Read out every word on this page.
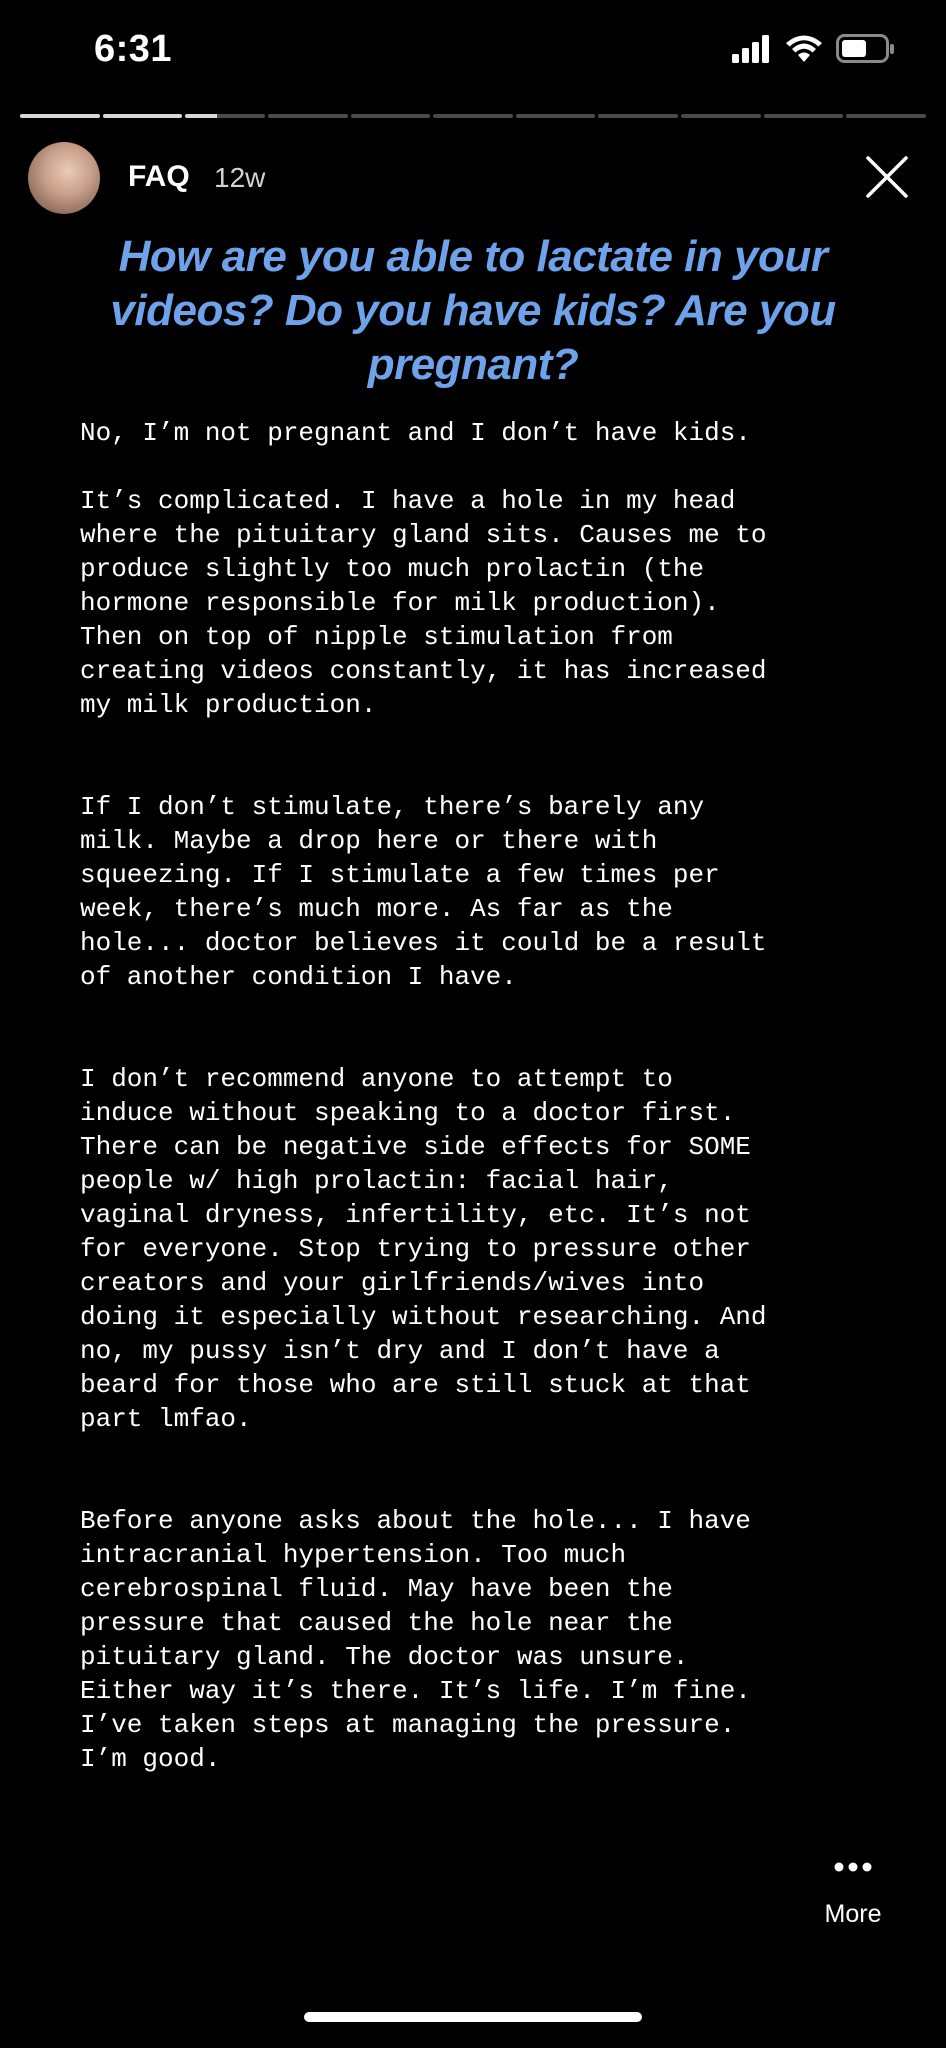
6:31
FAQ 12w
How are you able to lactate in your videos? Do you have kids? Are you pregnant?

No, I’m not pregnant and I don’t have kids.

It’s complicated. I have a hole in my head
where the pituitary gland sits. Causes me to
produce slightly too much prolactin (the
hormone responsible for milk production).
Then on top of nipple stimulation from
creating videos constantly, it has increased
my milk production.

If I don’t stimulate, there’s barely any
milk. Maybe a drop here or there with
squeezing. If I stimulate a few times per
week, there’s much more. As far as the
hole... doctor believes it could be a result
of another condition I have.

I don’t recommend anyone to attempt to
induce without speaking to a doctor first.
There can be negative side effects for SOME
people w/ high prolactin: facial hair,
vaginal dryness, infertility, etc. It’s not
for everyone. Stop trying to pressure other
creators and your girlfriends/wives into
doing it especially without researching. And
no, my pussy isn’t dry and I don’t have a
beard for those who are still stuck at that
part lmfao.

Before anyone asks about the hole... I have
intracranial hypertension. Too much
cerebrospinal fluid. May have been the
pressure that caused the hole near the
pituitary gland. The doctor was unsure.
Either way it’s there. It’s life. I’m fine.
I’ve taken steps at managing the pressure.
I’m good.

More
